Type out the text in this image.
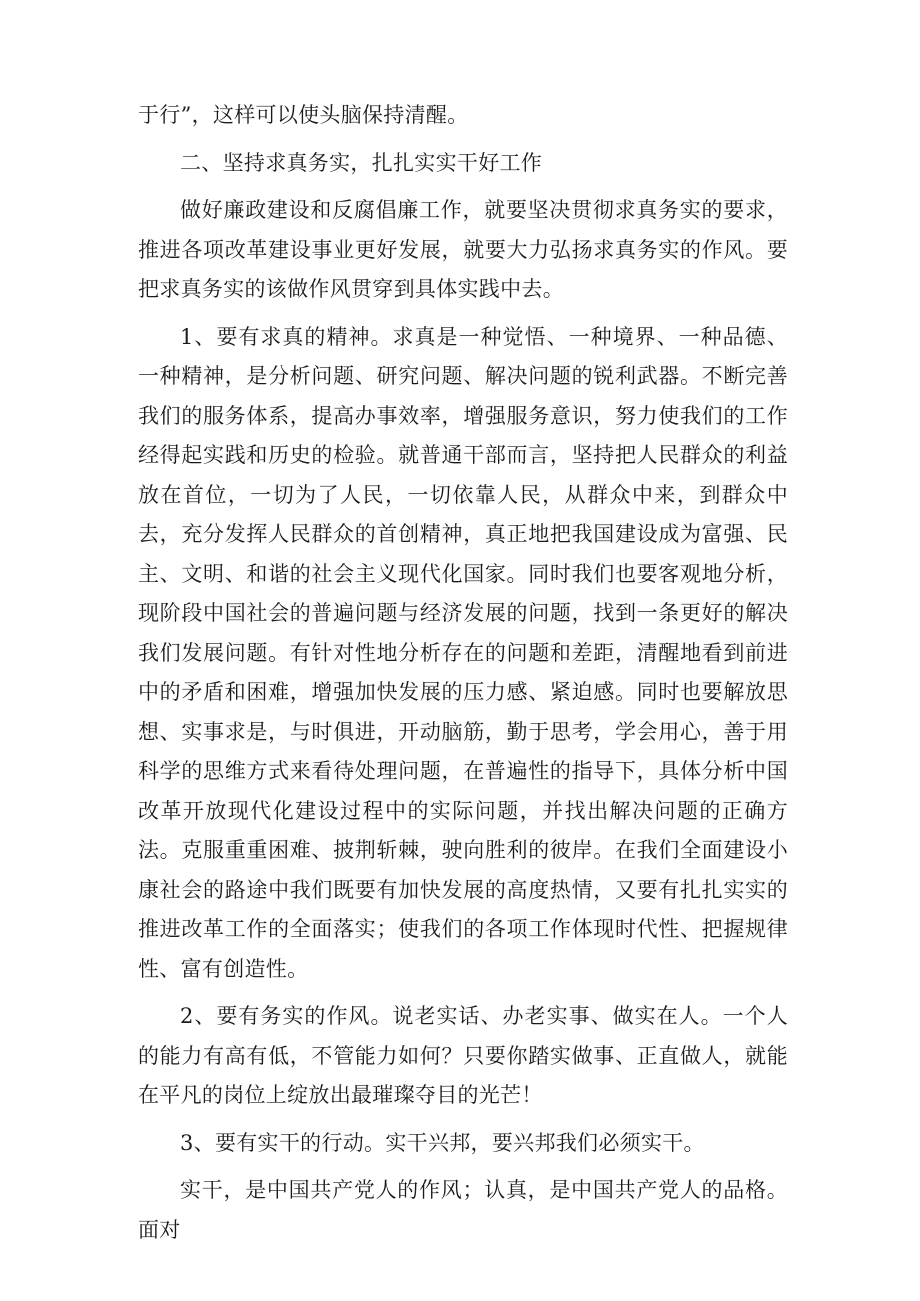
于行”，这样可以使头脑保持清醒。

二、坚持求真务实，扎扎实实干好工作

做好廉政建设和反腐倡廉工作，就要坚决贯彻求真务实的要求，推进各项改革建设事业更好发展，就要大力弘扬求真务实的作风。要把求真务实的该做作风贯穿到具体实践中去。

1、要有求真的精神。求真是一种觉悟、一种境界、一种品德、一种精神，是分析问题、研究问题、解决问题的锐利武器。不断完善我们的服务体系，提高办事效率，增强服务意识，努力使我们的工作经得起实践和历史的检验。就普通干部而言，坚持把人民群众的利益放在首位，一切为了人民，一切依靠人民，从群众中来，到群众中去，充分发挥人民群众的首创精神，真正地把我国建设成为富强、民主、文明、和谐的社会主义现代化国家。同时我们也要客观地分析，现阶段中国社会的普遍问题与经济发展的问题，找到一条更好的解决我们发展问题。有针对性地分析存在的问题和差距，清醒地看到前进中的矛盾和困难，增强加快发展的压力感、紧迫感。同时也要解放思想、实事求是，与时俱进，开动脑筋，勤于思考，学会用心，善于用科学的思维方式来看待处理问题，在普遍性的指导下，具体分析中国改革开放现代化建设过程中的实际问题，并找出解决问题的正确方法。克服重重困难、披荆斩棘，驶向胜利的彼岸。在我们全面建设小康社会的路途中我们既要有加快发展的高度热情，又要有扎扎实实的推进改革工作的全面落实；使我们的各项工作体现时代性、把握规律性、富有创造性。

2、要有务实的作风。说老实话、办老实事、做实在人。一个人的能力有高有低，不管能力如何？只要你踏实做事、正直做人，就能在平凡的岗位上绽放出最璀璨夺目的光芒！

3、要有实干的行动。实干兴邦，要兴邦我们必须实干。

实干，是中国共产党人的作风；认真，是中国共产党人的品格。面对
